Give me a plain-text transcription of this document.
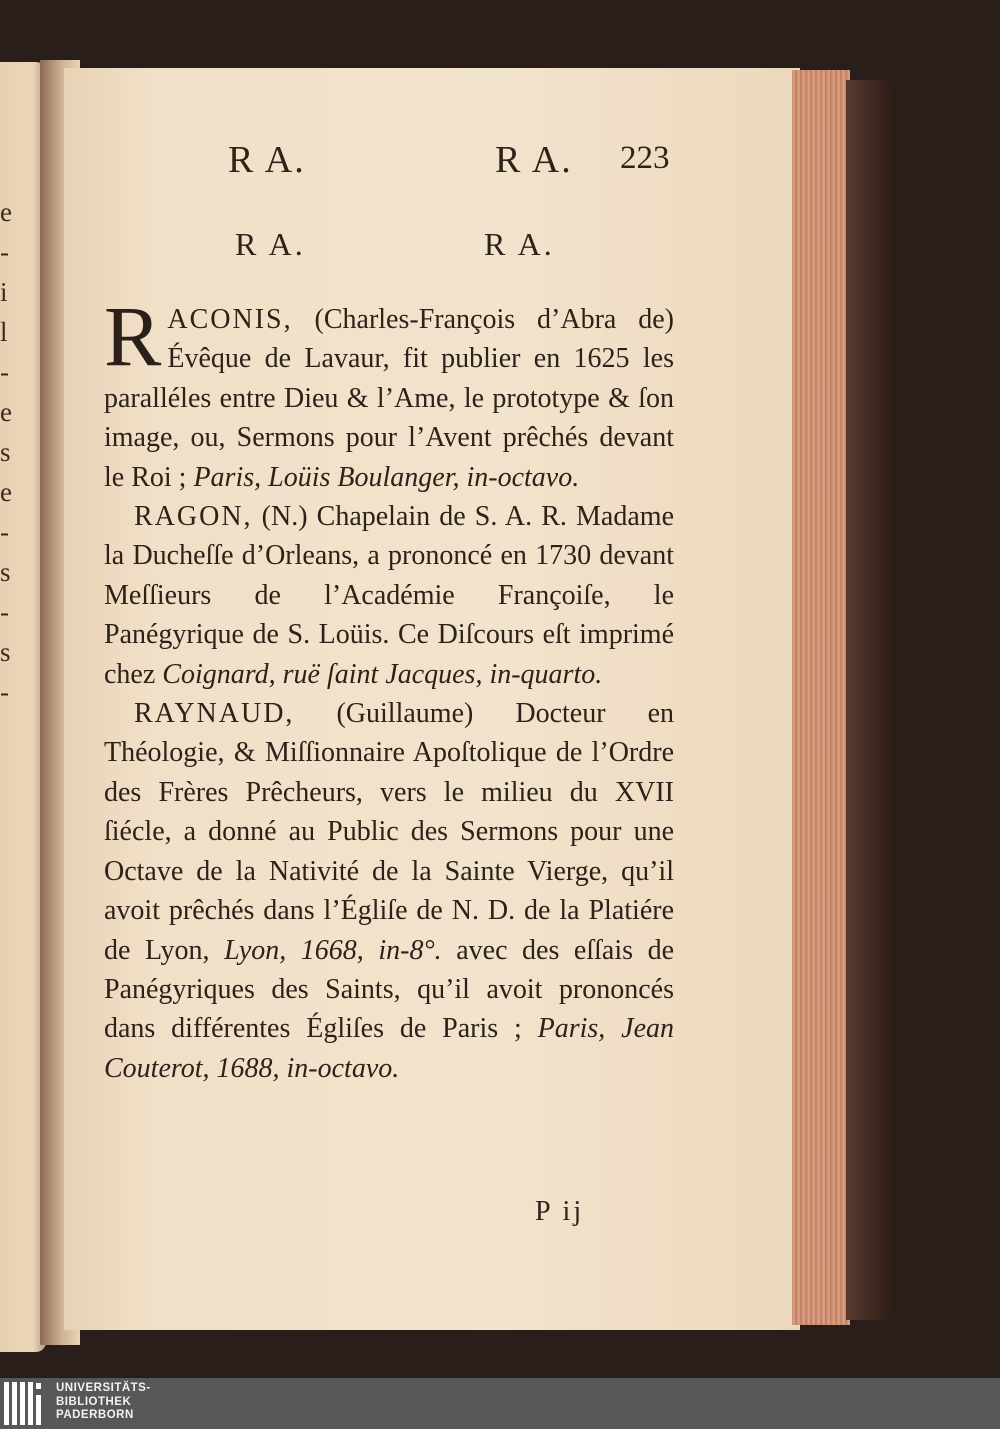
e
-
i
l
-
e
s
e
-
s
-
s
-
R A.	R A. 223
R A.	R A.

RACONIS, (Charles-François d’Abra de) Évêque de Lavaur, fit publier en 1625 les paralléles entre Dieu & l’Ame, le prototype & ſon image, ou, Sermons pour l’Avent prêchés devant le Roi ; Paris, Loüis Boulanger, in-octavo.

RAGON, (N.) Chapelain de S. A. R. Madame la Ducheſſe d’Orleans, a prononcé en 1730 devant Meſſieurs de l’Académie Françoiſe, le Panégyrique de S. Loüis. Ce Diſcours eſt imprimé chez Coignard, ruë ſaint Jacques, in-quarto.

RAYNAUD, (Guillaume) Docteur en Théologie, & Miſſionnaire Apoſtolique de l’Ordre des Frères Prêcheurs, vers le milieu du XVII ſiécle, a donné au Public des Sermons pour une Octave de la Nativité de la Sainte Vierge, qu’il avoit prêchés dans l’Égliſe de N. D. de la Platiére de Lyon, Lyon, 1668, in-8°. avec des eſſais de Panégyriques des Saints, qu’il avoit prononcés dans différentes Égliſes de Paris ; Paris, Jean Couterot, 1688, in-octavo.

P ij
UNIVERSITÄTS-
BIBLIOTHEK
PADERBORN
